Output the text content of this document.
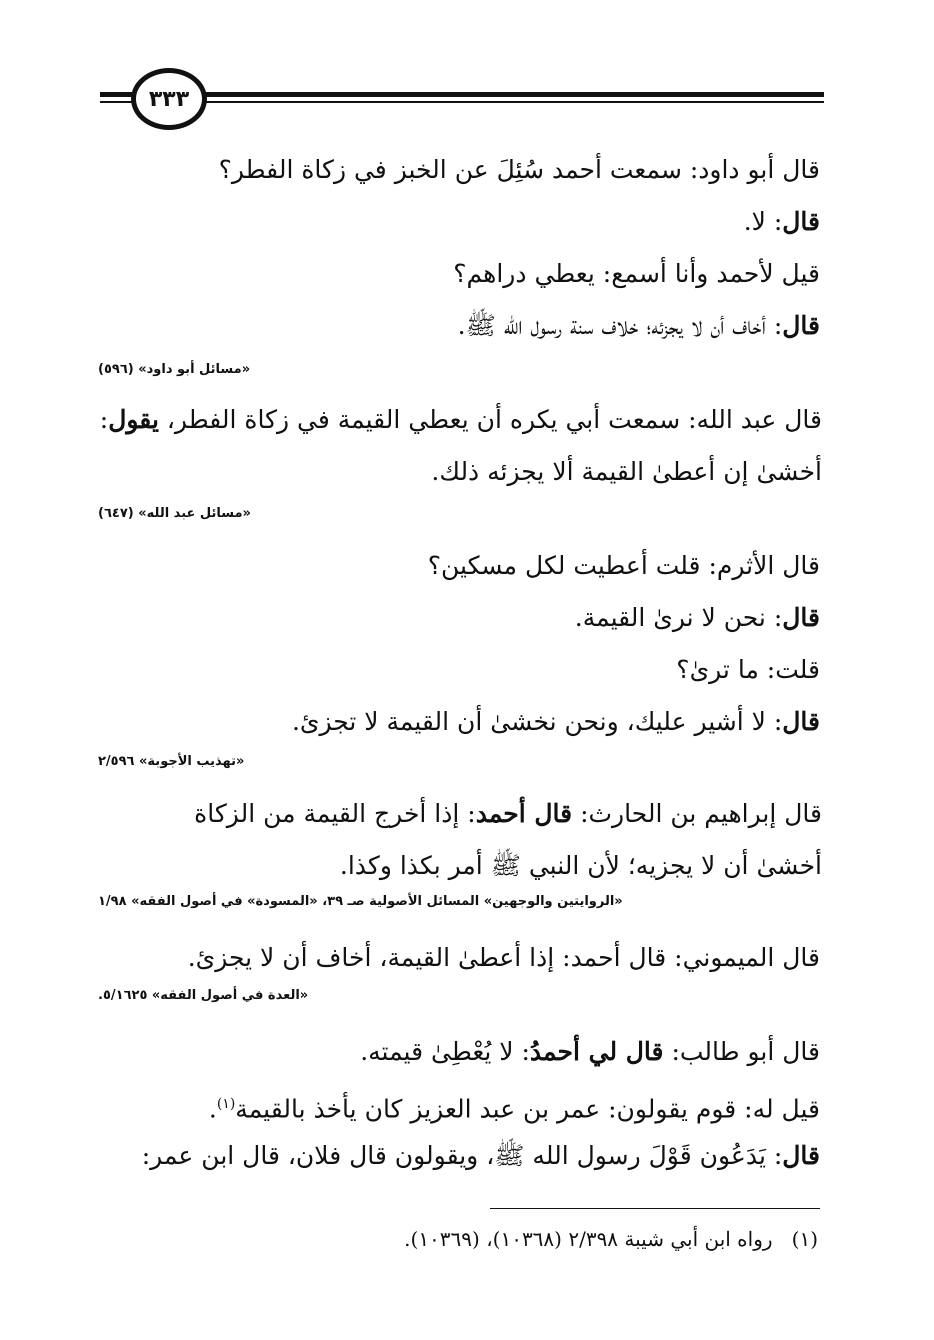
٣٣٣
قال أبو داود: سمعت أحمد سُئِلَ عن الخبز في زكاة الفطر؟
قال: لا.
قيل لأحمد وأنا أسمع: يعطي دراهم؟
قال: أخاف أن لا يجزئه؛ خلاف سنة رسول الله ﷺ.
«مسائل أبو داود» (٥٩٦)
قال عبد الله: سمعت أبي يكره أن يعطي القيمة في زكاة الفطر، يقول:
أخشىٰ إن أعطىٰ القيمة ألا يجزئه ذلك.
«مسائل عبد الله» (٦٤٧)
قال الأثرم: قلت أعطيت لكل مسكين؟
قال: نحن لا نرىٰ القيمة.
قلت: ما ترىٰ؟
قال: لا أشير عليك، ونحن نخشىٰ أن القيمة لا تجزئ.
«تهذيب الأجوبة» ٢/٥٩٦
قال إبراهيم بن الحارث: قال أحمد: إذا أخرج القيمة من الزكاة
أخشىٰ أن لا يجزيه؛ لأن النبي ﷺ أمر بكذا وكذا.
«الروايتين والوجهين» المسائل الأصولية صـ ٣٩، «المسودة» في أصول الفقه» ١/٩٨
قال الميموني: قال أحمد: إذا أعطىٰ القيمة، أخاف أن لا يجزئ.
«العدة في أصول الفقه» ٥/١٦٢٥.
قال أبو طالب: قال لي أحمدُ: لا يُعْطِىٰ قيمته.
قيل له: قوم يقولون: عمر بن عبد العزيز كان يأخذ بالقيمة$^{(١)}$.
قال: يَدَعُون قَوْلَ رسول الله ﷺ، ويقولون قال فلان، قال ابن عمر:
(١)   رواه ابن أبي شيبة ٢/٣٩٨ (١٠٣٦٨)، (١٠٣٦٩).
